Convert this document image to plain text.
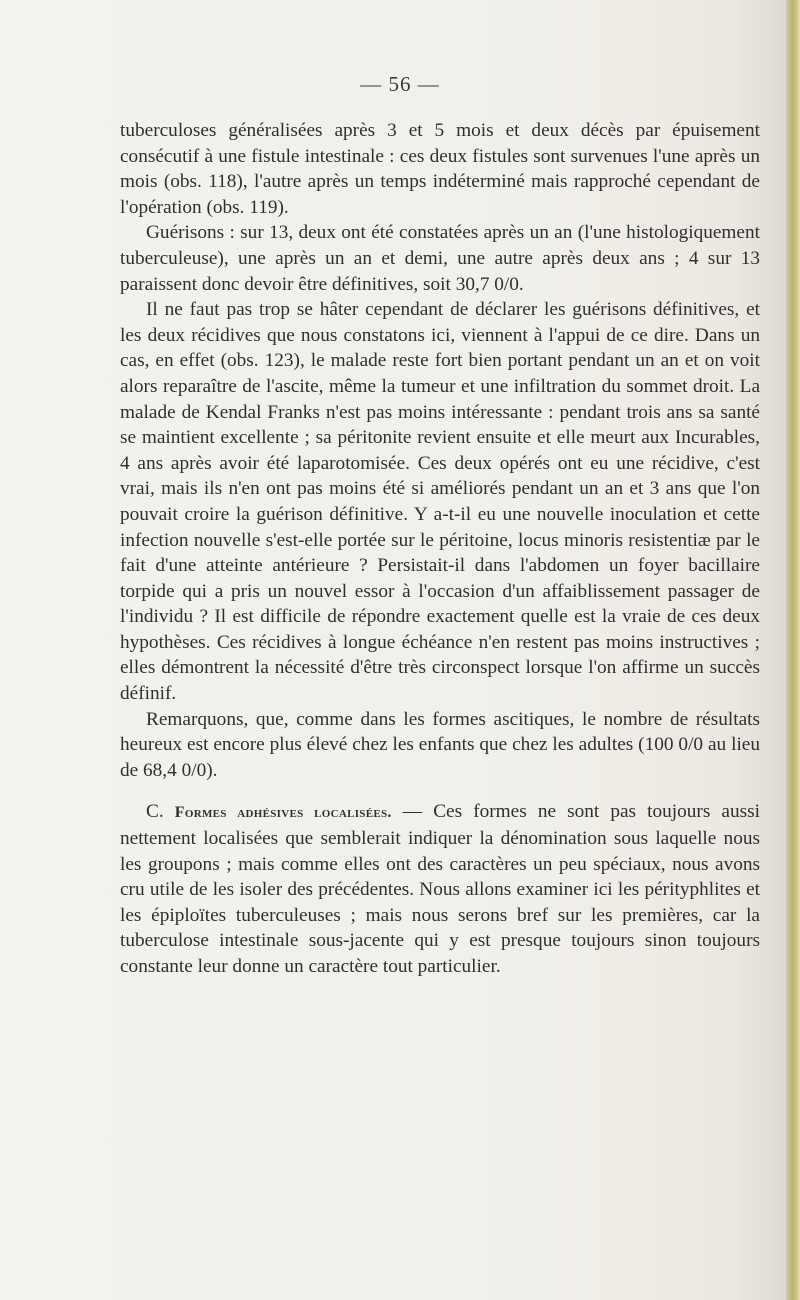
— 56 —

tuberculoses généralisées après 3 et 5 mois et deux décès par épuisement consécutif à une fistule intestinale : ces deux fistules sont survenues l'une après un mois (obs. 118), l'autre après un temps indéterminé mais rapproché cependant de l'opération (obs. 119).

Guérisons : sur 13, deux ont été constatées après un an (l'une histologiquement tuberculeuse), une après un an et demi, une autre après deux ans ; 4 sur 13 paraissent donc devoir être définitives, soit 30,7 0/0.

Il ne faut pas trop se hâter cependant de déclarer les guérisons définitives, et les deux récidives que nous constatons ici, viennent à l'appui de ce dire. Dans un cas, en effet (obs. 123), le malade reste fort bien portant pendant un an et on voit alors reparaître de l'ascite, même la tumeur et une infiltration du sommet droit. La malade de Kendal Franks n'est pas moins intéressante : pendant trois ans sa santé se maintient excellente ; sa péritonite revient ensuite et elle meurt aux Incurables, 4 ans après avoir été laparotomisée. Ces deux opérés ont eu une récidive, c'est vrai, mais ils n'en ont pas moins été si améliorés pendant un an et 3 ans que l'on pouvait croire la guérison définitive. Y a-t-il eu une nouvelle inoculation et cette infection nouvelle s'est-elle portée sur le péritoine, locus minoris resistentiæ par le fait d'une atteinte antérieure ? Persistait-il dans l'abdomen un foyer bacillaire torpide qui a pris un nouvel essor à l'occasion d'un affaiblissement passager de l'individu ? Il est difficile de répondre exactement quelle est la vraie de ces deux hypothèses. Ces récidives à longue échéance n'en restent pas moins instructives ; elles démontrent la nécessité d'être très circonspect lorsque l'on affirme un succès définif.

Remarquons, que, comme dans les formes ascitiques, le nombre de résultats heureux est encore plus élevé chez les enfants que chez les adultes (100 0/0 au lieu de 68,4 0/0).

C. Formes adhésives localisées. — Ces formes ne sont pas toujours aussi nettement localisées que semblerait indiquer la dénomination sous laquelle nous les groupons ; mais comme elles ont des caractères un peu spéciaux, nous avons cru utile de les isoler des précédentes. Nous allons examiner ici les pérityphlites et les épiploïtes tuberculeuses ; mais nous serons bref sur les premières, car la tuberculose intestinale sous-jacente qui y est presque toujours sinon toujours constante leur donne un caractère tout particulier.
